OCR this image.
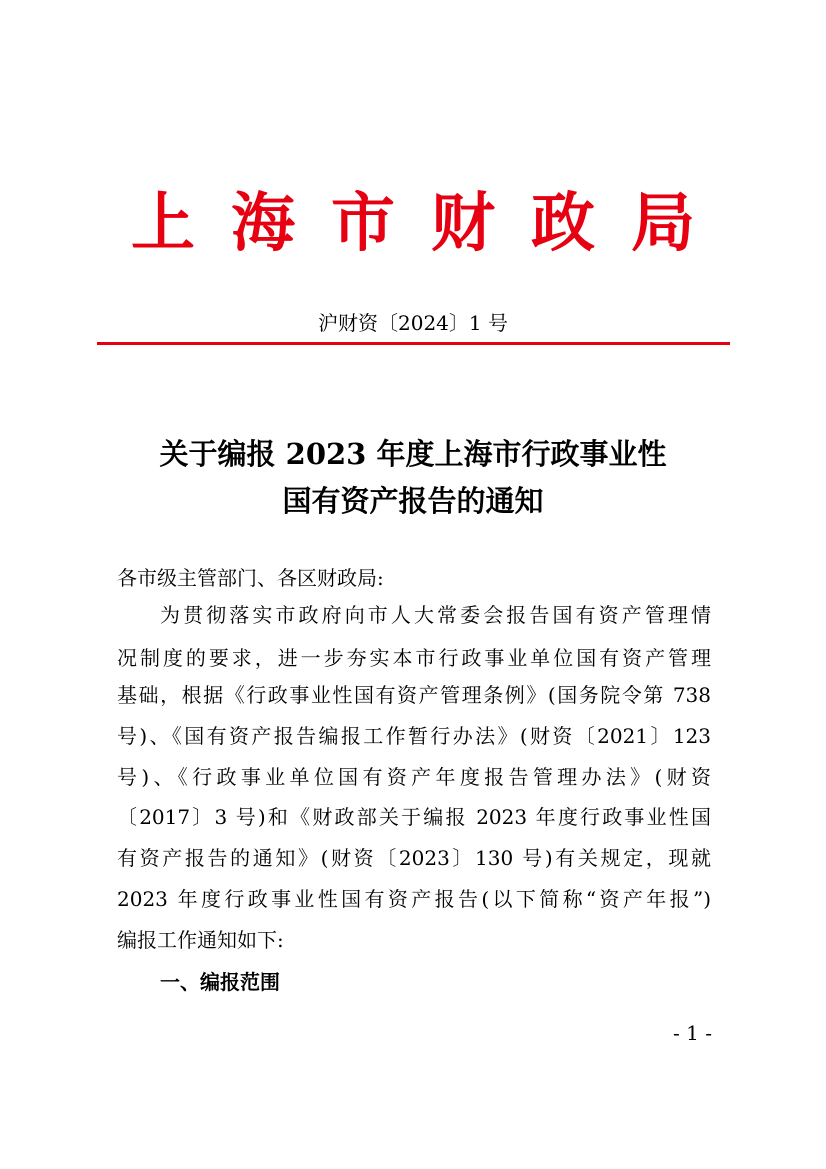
上海市财政局
沪财资〔2024〕1 号
关于编报 2023 年度上海市行政事业性
国有资产报告的通知
各市级主管部门、各区财政局:
为贯彻落实市政府向市人大常委会报告国有资产管理情
况制度的要求，进一步夯实本市行政事业单位国有资产管理
基础，根据《行政事业性国有资产管理条例》(国务院令第 738
号)、《国有资产报告编报工作暂行办法》(财资〔2021〕123
号)、《行政事业单位国有资产年度报告管理办法》(财资
〔2017〕3 号)和《财政部关于编报 2023 年度行政事业性国
有资产报告的通知》(财资〔2023〕130 号)有关规定，现就
2023 年度行政事业性国有资产报告(以下简称“资产年报”)
编报工作通知如下:
一、编报范围
- 1 -
